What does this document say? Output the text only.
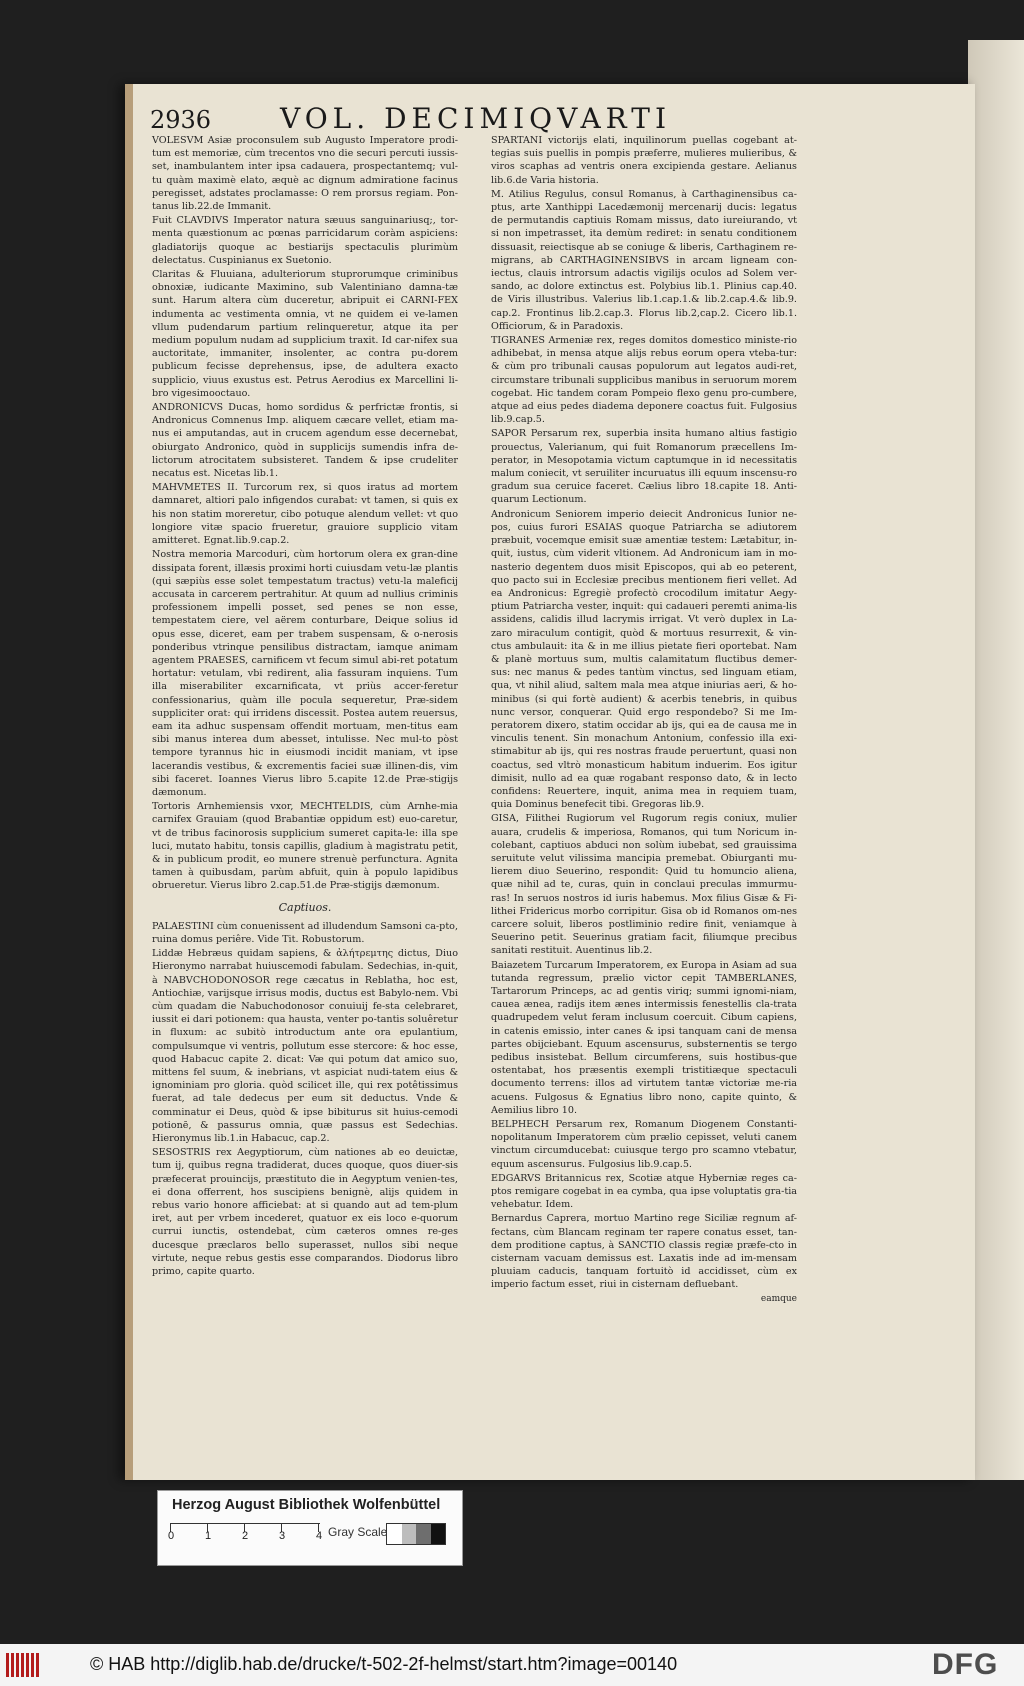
2936 VOL. DECIMIQVARTI

VOLESVM Asiæ proconsulem sub Augusto Imperatore prodi-tum est memoriæ, cùm trecentos vno die securi percuti iussis-set, inambulantem inter ipsa cadauera, prospectantemq; vul-tu quàm maximè elato, æquè ac dignum admiratione facinus peregisset, adstates proclamasse: O rem prorsus regiam. Pon-tanus lib.22.de Immanit.

Fuit CLAVDIVS Imperator natura sæuus sanguinariusq;, tor-menta quæstionum ac pœnas parricidarum coràm aspiciens: gladiatorijs quoque ac bestiarijs spectaculis plurimùm delectatus. Cuspinianus ex Suetonio.

Claritas & Fluuiana, adulteriorum stuprorumque criminibus obnoxiæ, iudicante Maximino, sub Valentiniano damna-tæ sunt. Harum altera cùm duceretur, abripuit ei CARNI-FEX indumenta ac vestimenta omnia, vt ne quidem ei ve-lamen vllum pudendarum partium relinqueretur, atque ita per medium populum nudam ad supplicium traxit. Id car-nifex sua auctoritate, immaniter, insolenter, ac contra pu-dorem publicum fecisse deprehensus, ipse, de adultera exacto supplicio, viuus exustus est. Petrus Aerodius ex Marcellini li-bro vigesimooctauo.

ANDRONICVS Ducas, homo sordidus & perfrictæ frontis, si Andronicus Comnenus Imp. aliquem cæcare vellet, etiam ma-nus ei amputandas, aut in crucem agendum esse decernebat, obiurgato Andronico, quòd in supplicijs sumendis infra de-lictorum atrocitatem subsisteret. Tandem & ipse crudeliter necatus est. Nicetas lib.1.

MAHVMETES II. Turcorum rex, si quos iratus ad mortem damnaret, altiori palo infigendos curabat: vt tamen, si quis ex his non statim moreretur, cibo potuque alendum vellet: vt quo longiore vitæ spacio frueretur, grauiore supplicio vitam amitteret. Egnat.lib.9.cap.2.

Nostra memoria Marcoduri, cùm hortorum olera ex gran-dine dissipata forent, illæsis proximi horti cuiusdam vetu-læ plantis (qui sæpiùs esse solet tempestatum tractus) vetu-la maleficij accusata in carcerem pertrahitur. At quum ad nullius criminis professionem impelli posset, sed penes se non esse, tempestatem ciere, vel aërem conturbare, Deique solius id opus esse, diceret, eam per trabem suspensam, & o-nerosis ponderibus vtrinque pensilibus distractam, iamque animam agentem PRAESES, carnificem vt fecum simul abi-ret potatum hortatur: vetulam, vbi redirent, alia fassuram inquiens. Tum illa miserabiliter excarnificata, vt priùs accer-feretur confessionarius, quàm ille pocula sequeretur, Præ-sidem suppliciter orat: qui irridens discessit. Postea autem reuersus, eam ita adhuc suspensam offendit mortuam, men-titus eam sibi manus interea dum abesset, intulisse. Nec mul-to pòst tempore tyrannus hic in eiusmodi incidit maniam, vt ipse lacerandis vestibus, & excrementis faciei suæ illinen-dis, vim sibi faceret. Ioannes Vierus libro 5.capite 12.de Præ-stigijs dæmonum.

Tortoris Arnhemiensis vxor, MECHTELDIS, cùm Arnhe-mia carnifex Grauiam (quod Brabantiæ oppidum est) euo-caretur, vt de tribus facinorosis supplicium sumeret capita-le: illa spe luci, mutato habitu, tonsis capillis, gladium à magistratu petit, & in publicum prodit, eo munere strenuè perfunctura. Agnita tamen à quibusdam, parùm abfuit, quin à populo lapidibus obrueretur. Vierus libro 2.cap.51.de Præ-stigijs dæmonum.

Captiuos.

PALAESTINI cùm conuenissent ad illudendum Samsoni ca-pto, ruina domus periêre. Vide Tit. Robustorum.

Liddæ Hebræus quidam sapiens, & ἀλήτρεμτης dictus, Diuo Hieronymo narrabat huiuscemodi fabulam. Sedechias, in-quit, à NABVCHODONOSOR rege cæcatus in Reblatha, hoc est, Antiochiæ, varijsque irrisus modis, ductus est Babylo-nem. Vbi cùm quadam die Nabuchodonosor conuiuij fe-sta celebraret, iussit ei dari potionem: qua hausta, venter po-tantis soluêretur in fluxum: ac subitò introductum ante ora epulantium, compulsumque vi ventris, pollutum esse stercore: & hoc esse, quod Habacuc capite 2. dicat: Væ qui potum dat amico suo, mittens fel suum, & inebrians, vt aspiciat nudi-tatem eius & ignominiam pro gloria. quòd scilicet ille, qui rex potêtissimus fuerat, ad tale dedecus per eum sit deductus. Vnde & comminatur ei Deus, quòd & ipse bibiturus sit huius-cemodi potionē, & passurus omnia, quæ passus est Sedechias. Hieronymus lib.1.in Habacuc, cap.2.

SESOSTRIS rex Aegyptiorum, cùm nationes ab eo deuictæ, tum ij, quibus regna tradiderat, duces quoque, quos diuer-sis præfecerat prouincijs, præstituto die in Aegyptum venien-tes, ei dona offerrent, hos suscipiens benignè, alijs quidem in rebus vario honore afficiebat: at si quando aut ad tem-plum iret, aut per vrbem incederet, quatuor ex eis loco e-quorum currui iunctis, ostendebat, cùm cæteros omnes re-ges ducesque præclaros bello superasset, nullos sibi neque virtute, neque rebus gestis esse comparandos. Diodorus libro primo, capite quarto.

SPARTANI victorijs elati, inquilinorum puellas cogebant at-tegias suis puellis in pompis præferre, mulieres mulieribus, & viros scaphas ad ventris onera excipienda gestare. Aelianus lib.6.de Varia historia.

M. Atilius Regulus, consul Romanus, à Carthaginensibus ca-ptus, arte Xanthippi Lacedæmonij mercenarij ducis: legatus de permutandis captiuis Romam missus, dato iureiurando, vt si non impetrasset, ita demùm rediret: in senatu conditionem dissuasit, reiectisque ab se coniuge & liberis, Carthaginem re-migrans, ab CARTHAGINENSIBVS in arcam ligneam con-iectus, clauis introrsum adactis vigilijs oculos ad Solem ver-sando, ac dolore extinctus est. Polybius lib.1. Plinius cap.40. de Viris illustribus. Valerius lib.1.cap.1.& lib.2.cap.4.& lib.9. cap.2. Frontinus lib.2.cap.3. Florus lib.2,cap.2. Cicero lib.1. Officiorum, & in Paradoxis.

TIGRANES Armeniæ rex, reges domitos domestico ministe-rio adhibebat, in mensa atque alijs rebus eorum opera vteba-tur: & cùm pro tribunali causas populorum aut legatos audi-ret, circumstare tribunali supplicibus manibus in seruorum morem cogebat. Hic tandem coram Pompeio flexo genu pro-cumbere, atque ad eius pedes diadema deponere coactus fuit. Fulgosius lib.9.cap.5.

SAPOR Persarum rex, superbia insita humano altius fastigio prouectus, Valerianum, qui fuit Romanorum præcellens Im-perator, in Mesopotamia victum captumque in id necessitatis malum coniecit, vt seruiliter incuruatus illi equum inscensu-ro gradum sua ceruice faceret. Cælius libro 18.capite 18. Anti-quarum Lectionum.

Andronicum Seniorem imperio deiecit Andronicus Iunior ne-pos, cuius furori ESAIAS quoque Patriarcha se adiutorem præbuit, vocemque emisit suæ amentiæ testem: Lætabitur, in-quit, iustus, cùm viderit vltionem. Ad Andronicum iam in mo-nasterio degentem duos misit Episcopos, qui ab eo peterent, quo pacto sui in Ecclesiæ precibus mentionem fieri vellet. Ad ea Andronicus: Egregiè profectò crocodilum imitatur Aegy-ptium Patriarcha vester, inquit: qui cadaueri peremti anima-lis assidens, calidis illud lacrymis irrigat. Vt verò duplex in La-zaro miraculum contigit, quòd & mortuus resurrexit, & vin-ctus ambulauit: ita & in me illius pietate fieri oportebat. Nam & planè mortuus sum, multis calamitatum fluctibus demer-sus: nec manus & pedes tantùm vinctus, sed linguam etiam, qua, vt nihil aliud, saltem mala mea atque iniurias aeri, & ho-minibus (si qui fortè audient) & acerbis tenebris, in quibus nunc versor, conquerar. Quid ergo respondebo? Si me Im-peratorem dixero, statim occidar ab ijs, qui ea de causa me in vinculis tenent. Sin monachum Antonium, confessio illa exi-stimabitur ab ijs, qui res nostras fraude peruertunt, quasi non coactus, sed vltrò monasticum habitum induerim. Eos igitur dimisit, nullo ad ea quæ rogabant responso dato, & in lecto confidens: Reuertere, inquit, anima mea in requiem tuam, quia Dominus benefecit tibi. Gregoras lib.9.

GISA, Filithei Rugiorum vel Rugorum regis coniux, mulier auara, crudelis & imperiosa, Romanos, qui tum Noricum in-colebant, captiuos abduci non solùm iubebat, sed grauissima seruitute velut vilissima mancipia premebat. Obiurganti mu-lierem diuo Seuerino, respondit: Quid tu homuncio aliena, quæ nihil ad te, curas, quin in conclaui preculas immurmu-ras! In seruos nostros id iuris habemus. Mox filius Gisæ & Fi-lithei Fridericus morbo corripitur. Gisa ob id Romanos om-nes carcere soluit, liberos postliminio redire finit, veniamque à Seuerino petit. Seuerinus gratiam facit, filiumque precibus sanitati restituit. Auentinus lib.2.

Baiazetem Turcarum Imperatorem, ex Europa in Asiam ad sua tutanda regressum, prælio victor cepit TAMBERLANES, Tartarorum Princeps, ac ad gentis viriq; summi ignomi-niam, cauea ænea, radijs item ænes intermissis fenestellis cla-trata quadrupedem velut feram inclusum coercuit. Cibum capiens, in catenis emissio, inter canes & ipsi tanquam cani de mensa partes obijciebant. Equum ascensurus, substernentis se tergo pedibus insistebat. Bellum circumferens, suis hostibus-que ostentabat, hos præsentis exempli tristitiæque spectaculi documento terrens: illos ad virtutem tantæ victoriæ me-ria acuens. Fulgosus & Egnatius libro nono, capite quinto, & Aemilius libro 10.

BELPHECH Persarum rex, Romanum Diogenem Constanti-nopolitanum Imperatorem cùm prælio cepisset, veluti canem vinctum circumducebat: cuiusque tergo pro scamno vtebatur, equum ascensurus. Fulgosius lib.9.cap.5.

EDGARVS Britannicus rex, Scotiæ atque Hyberniæ reges ca-ptos remigare cogebat in ea cymba, qua ipse voluptatis gra-tia vehebatur. Idem.

Bernardus Caprera, mortuo Martino rege Siciliæ regnum af-fectans, cùm Blancam reginam ter rapere conatus esset, tan-dem proditione captus, à SANCTIO classis regiæ præfe-cto in cisternam vacuam demissus est. Laxatis inde ad im-mensam pluuiam caducis, tanquam fortuitò id accidisset, cùm ex imperio factum esset, riui in cisternam defluebant.

eamque
Herzog August Bibliothek Wolfenbüttel
0	1	2	3	4 Gray Scale
© HAB http://diglib.hab.de/drucke/t-502-2f-helmst/start.htm?image=00140	DFG
